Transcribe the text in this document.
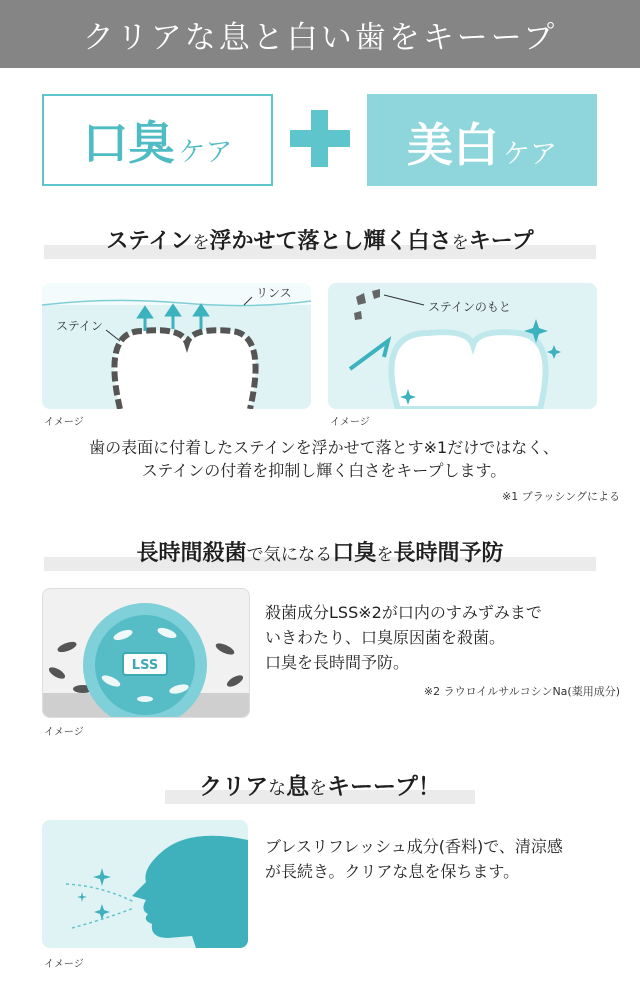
クリアな息と白い歯をキーープ
口臭 ケア	美白 ケア
ステインを浮かせて落とし輝く白さをキープ
リンス
ステイン
イメージ
ステインのもと
イメージ
歯の表面に付着したステインを浮かせて落とす※1だけではなく、
ステインの付着を抑制し輝く白さをキープします。
※1 ブラッシングによる
長時間殺菌で気になる口臭を長時間予防
LSS
イメージ
殺菌成分LSS※2が口内のすみずみまで
いきわたり、口臭原因菌を殺菌。
口臭を長時間予防。
※2 ラウロイルサルコシンNa(薬用成分)
クリアな息をキーープ！
イメージ
ブレスリフレッシュ成分(香料)で、清涼感
が長続き。クリアな息を保ちます。
